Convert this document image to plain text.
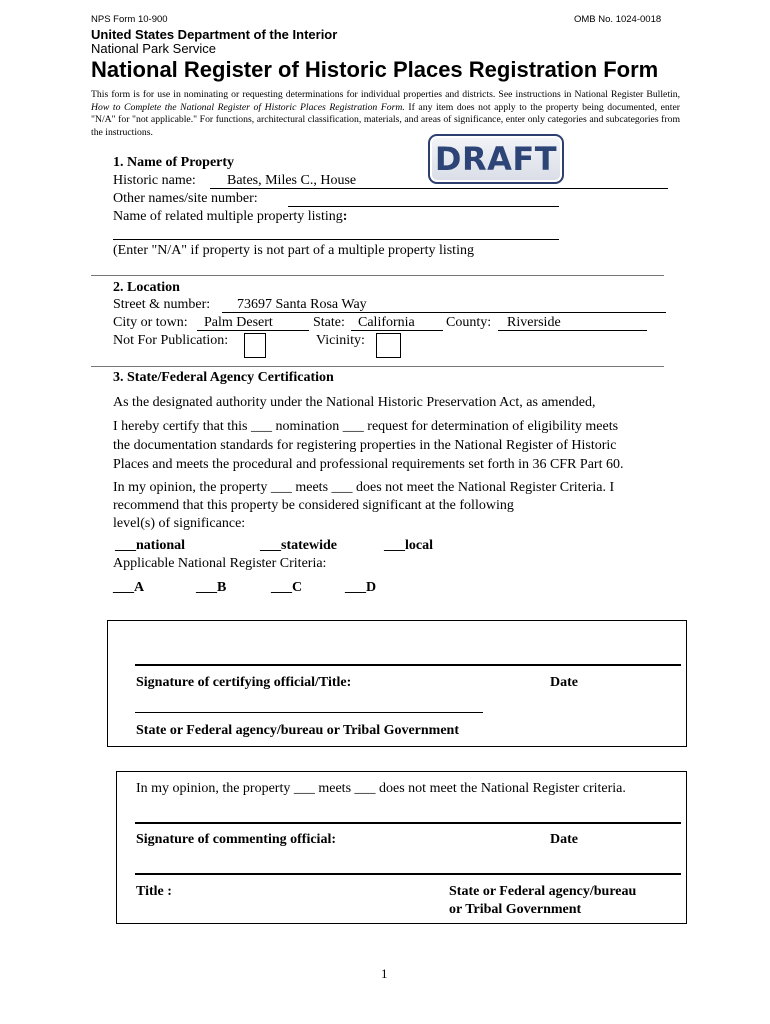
NPS Form 10-900	OMB No. 1024-0018
United States Department of the Interior
National Park Service
National Register of Historic Places Registration Form
This form is for use in nominating or requesting determinations for individual properties and districts. See instructions in National Register Bulletin, How to Complete the National Register of Historic Places Registration Form. If any item does not apply to the property being documented, enter "N/A" for "not applicable." For functions, architectural classification, materials, and areas of significance, enter only categories and subcategories from the instructions.
DRAFT
1. Name of Property
Historic name: Bates, Miles C., House
Other names/site number:
Name of related multiple property listing:
(Enter "N/A" if property is not part of a multiple property listing
2. Location
Street & number: 73697 Santa Rosa Way
City or town: Palm Desert	State: California County: Riverside
Not For Publication:	Vicinity:
3. State/Federal Agency Certification
As the designated authority under the National Historic Preservation Act, as amended,
I hereby certify that this ___ nomination ___ request for determination of eligibility meets
the documentation standards for registering properties in the National Register of Historic
Places and meets the procedural and professional requirements set forth in 36 CFR Part 60.
In my opinion, the property ___ meets ___ does not meet the National Register Criteria. I
recommend that this property be considered significant at the following
level(s) of significance:
___national	___statewide	___local
Applicable National Register Criteria:
___A	___B	___C	___D
Signature of certifying official/Title:	Date
State or Federal agency/bureau or Tribal Government
In my opinion, the property ___ meets ___ does not meet the National Register criteria.
Signature of commenting official:	Date
Title :	State or Federal agency/bureau
or Tribal Government
1
